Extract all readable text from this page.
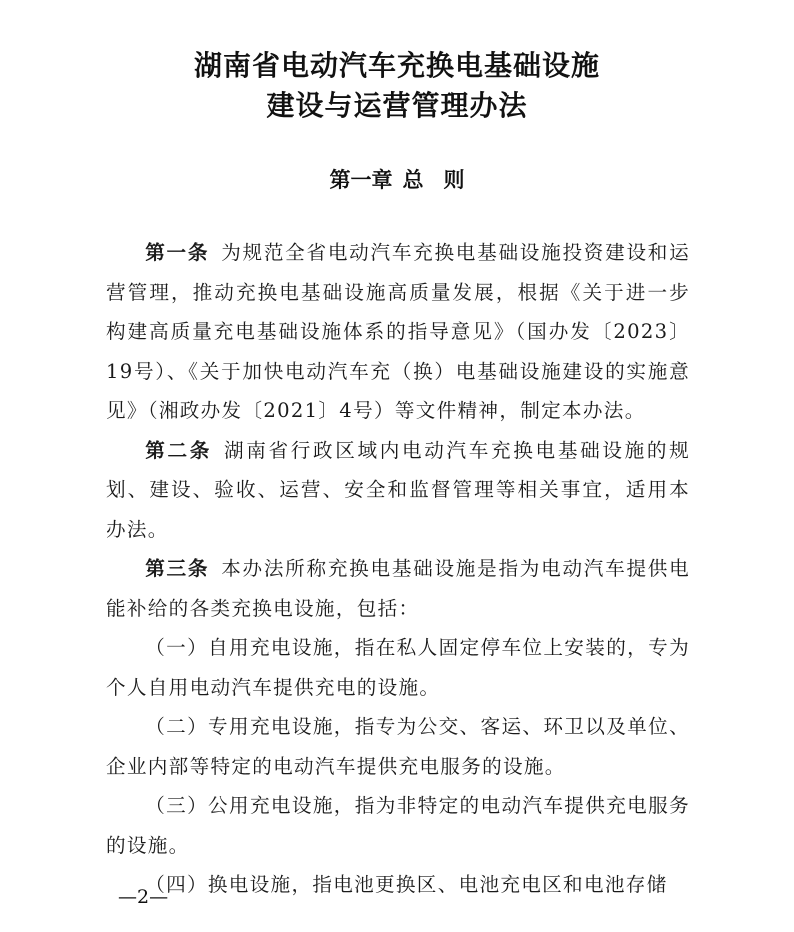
湖南省电动汽车充换电基础设施
建设与运营管理办法
第一章 总 则

第一条 为规范全省电动汽车充换电基础设施投资建设和运营管理，推动充换电基础设施高质量发展，根据《关于进一步构建高质量充电基础设施体系的指导意见》（国办发〔2023〕19号）、《关于加快电动汽车充（换）电基础设施建设的实施意见》（湘政办发〔2021〕4号）等文件精神，制定本办法。

第二条 湖南省行政区域内电动汽车充换电基础设施的规划、建设、验收、运营、安全和监督管理等相关事宜，适用本办法。

第三条 本办法所称充换电基础设施是指为电动汽车提供电能补给的各类充换电设施，包括：

（一）自用充电设施，指在私人固定停车位上安装的，专为个人自用电动汽车提供充电的设施。

（二）专用充电设施，指专为公交、客运、环卫以及单位、企业内部等特定的电动汽车提供充电服务的设施。

（三）公用充电设施，指为非特定的电动汽车提供充电服务的设施。

（四）换电设施，指电池更换区、电池充电区和电池存储

—2—
